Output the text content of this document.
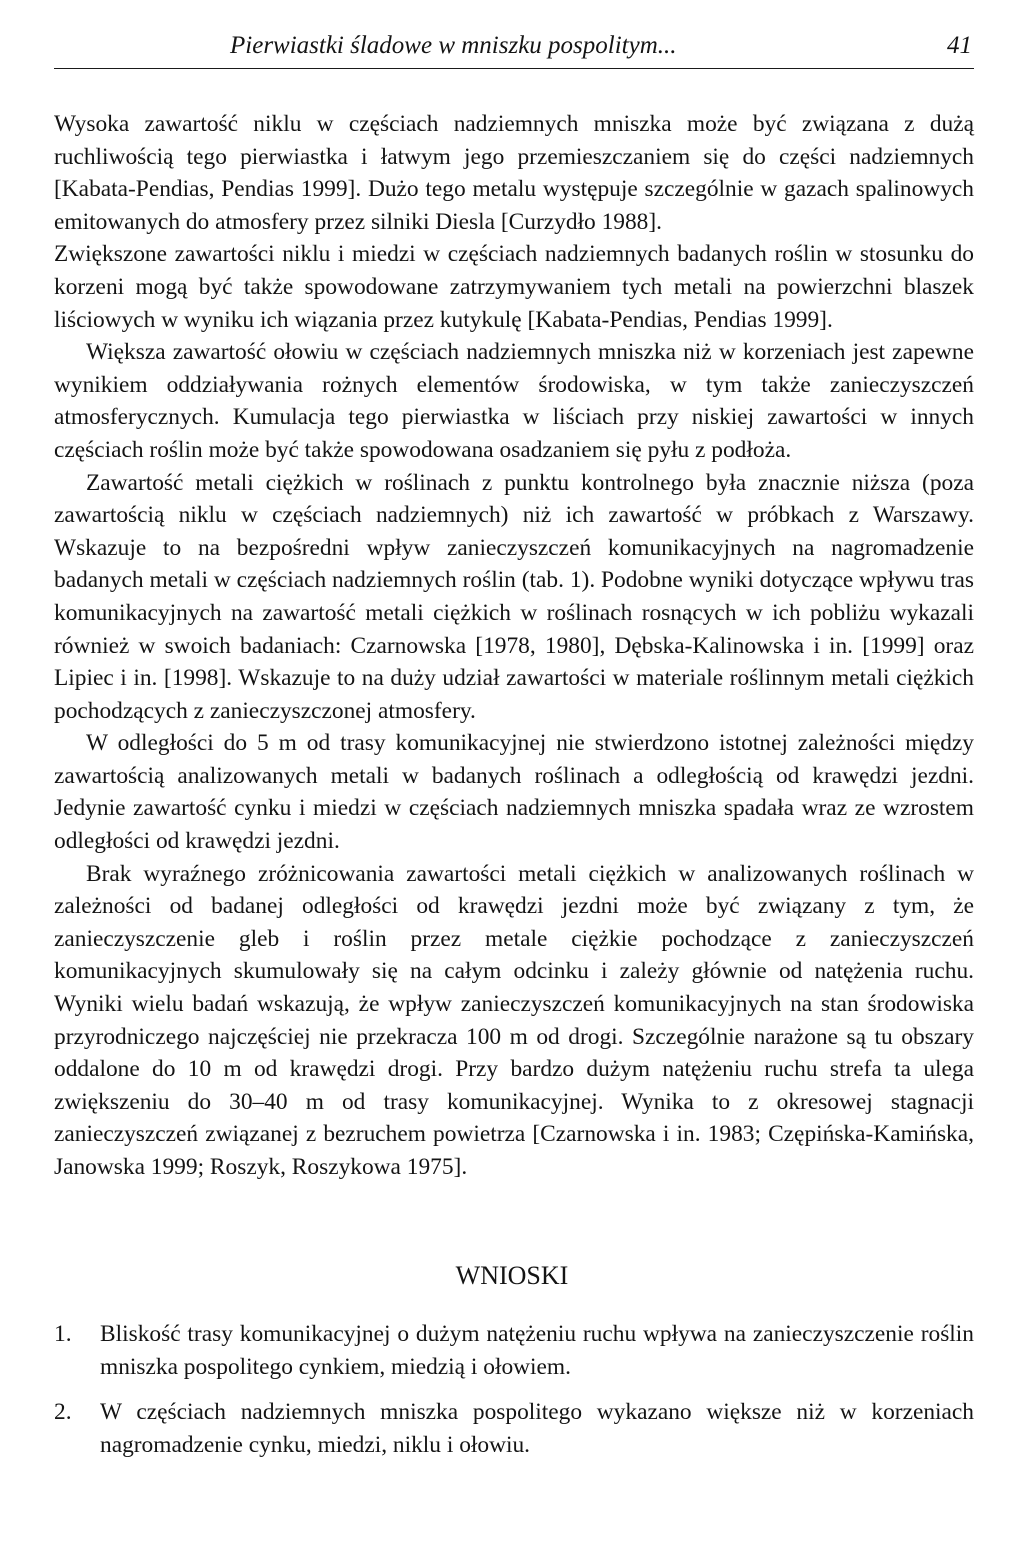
Pierwiastki śladowe w mniszku pospolitym...	41

Wysoka zawartość niklu w częściach nadziemnych mniszka może być związana z dużą ruchliwością tego pierwiastka i łatwym jego przemieszczaniem się do części nadziemnych [Kabata-Pendias, Pendias 1999]. Dużo tego metalu występuje szczególnie w gazach spalinowych emitowanych do atmosfery przez silniki Diesla [Curzydło 1988].

Zwiększone zawartości niklu i miedzi w częściach nadziemnych badanych roślin w stosunku do korzeni mogą być także spowodowane zatrzymywaniem tych metali na powierzchni blaszek liściowych w wyniku ich wiązania przez kutykulę [Kabata-Pendias, Pendias 1999].

Większa zawartość ołowiu w częściach nadziemnych mniszka niż w korzeniach jest zapewne wynikiem oddziaływania rożnych elementów środowiska, w tym także zanieczyszczeń atmosferycznych. Kumulacja tego pierwiastka w liściach przy niskiej zawartości w innych częściach roślin może być także spowodowana osadzaniem się pyłu z podłoża.

Zawartość metali ciężkich w roślinach z punktu kontrolnego była znacznie niższa (poza zawartością niklu w częściach nadziemnych) niż ich zawartość w próbkach z Warszawy. Wskazuje to na bezpośredni wpływ zanieczyszczeń komunikacyjnych na nagromadzenie badanych metali w częściach nadziemnych roślin (tab. 1). Podobne wyniki dotyczące wpływu tras komunikacyjnych na zawartość metali ciężkich w roślinach rosnących w ich pobliżu wykazali również w swoich badaniach: Czarnowska [1978, 1980], Dębska-Kalinowska i in. [1999] oraz Lipiec i in. [1998]. Wskazuje to na duży udział zawartości w materiale roślinnym metali ciężkich pochodzących z zanieczyszczonej atmosfery.

W odległości do 5 m od trasy komunikacyjnej nie stwierdzono istotnej zależności między zawartością analizowanych metali w badanych roślinach a odległością od krawędzi jezdni. Jedynie zawartość cynku i miedzi w częściach nadziemnych mniszka spadała wraz ze wzrostem odległości od krawędzi jezdni.

Brak wyraźnego zróżnicowania zawartości metali ciężkich w analizowanych roślinach w zależności od badanej odległości od krawędzi jezdni może być związany z tym, że zanieczyszczenie gleb i roślin przez metale ciężkie pochodzące z zanieczyszczeń komunikacyjnych skumulowały się na całym odcinku i zależy głównie od natężenia ruchu. Wyniki wielu badań wskazują, że wpływ zanieczyszczeń komunikacyjnych na stan środowiska przyrodniczego najczęściej nie przekracza 100 m od drogi. Szczególnie narażone są tu obszary oddalone do 10 m od krawędzi drogi. Przy bardzo dużym natężeniu ruchu strefa ta ulega zwiększeniu do 30–40 m od trasy komunikacyjnej. Wynika to z okresowej stagnacji zanieczyszczeń związanej z bezruchem powietrza [Czarnowska i in. 1983; Czępińska-Kamińska, Janowska 1999; Roszyk, Roszykowa 1975].

WNIOSKI
1. Bliskość trasy komunikacyjnej o dużym natężeniu ruchu wpływa na zanieczyszczenie roślin mniszka pospolitego cynkiem, miedzią i ołowiem.
2. W częściach nadziemnych mniszka pospolitego wykazano większe niż w korzeniach nagromadzenie cynku, miedzi, niklu i ołowiu.
